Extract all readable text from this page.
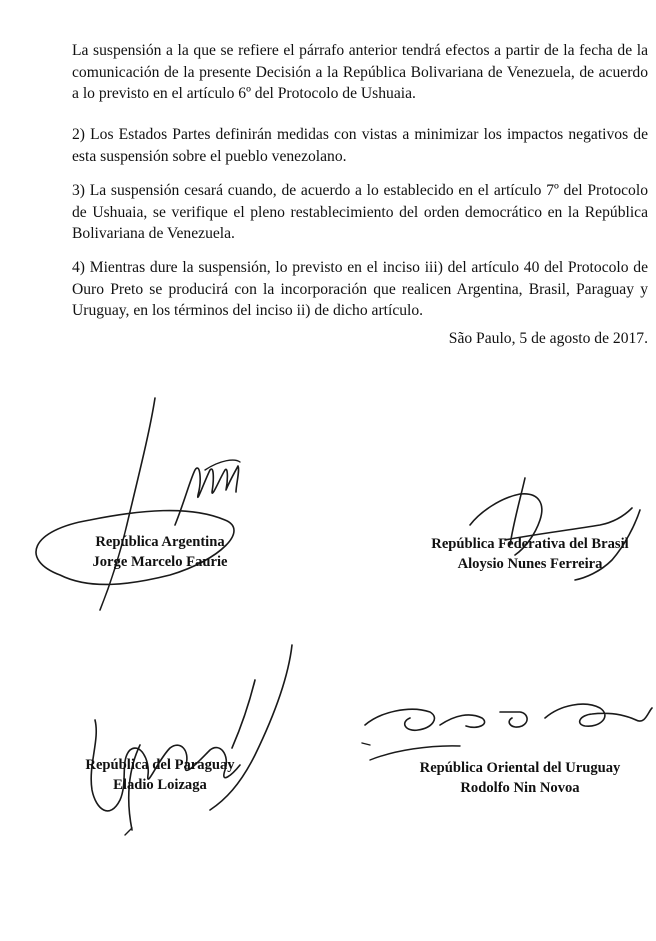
La suspensión a la que se refiere el párrafo anterior tendrá efectos a partir de la fecha de la comunicación de la presente Decisión a la República Bolivariana de Venezuela, de acuerdo a lo previsto en el artículo 6º del Protocolo de Ushuaia.

2) Los Estados Partes definirán medidas con vistas a minimizar los impactos negativos de esta suspensión sobre el pueblo venezolano.

3) La suspensión cesará cuando, de acuerdo a lo establecido en el artículo 7º del Protocolo de Ushuaia, se verifique el pleno restablecimiento del orden democrático en la República Bolivariana de Venezuela.

4) Mientras dure la suspensión, lo previsto en el inciso iii) del artículo 40 del Protocolo de Ouro Preto se producirá con la incorporación que realicen Argentina, Brasil, Paraguay y Uruguay, en los términos del inciso ii) de dicho artículo.

São Paulo, 5 de agosto de 2017.
República Argentina
Jorge Marcelo Faurie
República Federativa del Brasil
Aloysio Nunes Ferreira
República del Paraguay
Eladio Loizaga
República Oriental del Uruguay
Rodolfo Nin Novoa
